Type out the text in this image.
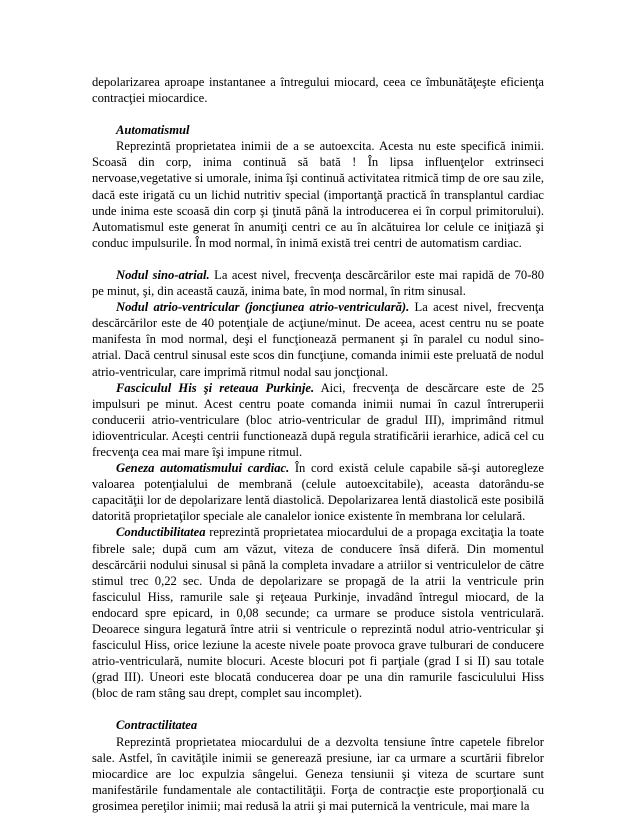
depolarizarea aproape instantanee a întregului miocard, ceea ce îmbunătăţeşte eficienţa contracţiei miocardice.

Automatismul

Reprezintă proprietatea inimii de a se autoexcita. Acesta nu este specifică inimii. Scoasă din corp, inima continuă să bată ! În lipsa influenţelor extrinseci nervoase,vegetative si umorale, inima îşi continuă activitatea ritmică timp de ore sau zile, dacă este irigată cu un lichid nutritiv special (importanţă practică în transplantul cardiac unde inima este scoasă din corp şi ţinută până la introducerea ei în corpul primitorului). Automatismul este generat în anumiţi centri ce au în alcătuirea lor celule ce iniţiază şi conduc impulsurile. În mod normal, în inimă există trei centri de automatism cardiac.

Nodul sino-atrial. La acest nivel, frecvenţa descărcărilor este mai rapidă de 70-80 pe minut, şi, din această cauză, inima bate, în mod normal, în ritm sinusal.

Nodul atrio-ventricular (joncţiunea atrio-ventriculară). La acest nivel, frecvenţa descărcărilor este de 40 potenţiale de acţiune/minut. De aceea, acest centru nu se poate manifesta în mod normal, deşi el funcţionează permanent şi în paralel cu nodul sino-atrial. Dacă centrul sinusal este scos din funcţiune, comanda inimii este preluată de nodul atrio-ventricular, care imprimă ritmul nodal sau joncţional.

Fasciculul His şi reteaua Purkinje. Aici, frecvenţa de descărcare este de 25 impulsuri pe minut. Acest centru poate comanda inimii numai în cazul întreruperii conducerii atrio-ventriculare (bloc atrio-ventricular de gradul III), imprimând ritmul idioventricular. Aceşti centrii functionează după regula stratificării ierarhice, adică cel cu frecvenţa cea mai mare îşi impune ritmul.

Geneza automatismului cardiac. În cord există celule capabile să-şi autoregleze valoarea potenţialului de membrană (celule autoexcitabile), aceasta datorându-se capacităţii lor de depolarizare lentă diastolică. Depolarizarea lentă diastolică este posibilă datorită proprietaţilor speciale ale canalelor ionice existente în membrana lor celulară.

Conductibilitatea reprezintă proprietatea miocardului de a propaga excitaţia la toate fibrele sale; după cum am văzut, viteza de conducere însă diferă. Din momentul descărcării nodului sinusal si până la completa invadare a atriilor si ventriculelor de către stimul trec 0,22 sec. Unda de depolarizare se propagă de la atrii la ventricule prin fasciculul Hiss, ramurile sale şi reţeaua Purkinje, invadând întregul miocard, de la endocard spre epicard, in 0,08 secunde; ca urmare se produce sistola ventriculară. Deoarece singura legatură între atrii si ventricule o reprezintă nodul atrio-ventricular şi fasciculul Hiss, orice leziune la aceste nivele poate provoca grave tulburari de conducere atrio-ventriculară, numite blocuri. Aceste blocuri pot fi parţiale (grad I si II) sau totale (grad III). Uneori este blocată conducerea doar pe una din ramurile fasciculului Hiss (bloc de ram stâng sau drept, complet sau incomplet).

Contractilitatea

Reprezintă proprietatea miocardului de a dezvolta tensiune între capetele fibrelor sale. Astfel, în cavităţile inimii se generează presiune, iar ca urmare a scurtării fibrelor miocardice are loc expulzia sângelui. Geneza tensiunii şi viteza de scurtare sunt manifestările fundamentale ale contactilităţii. Forţa de contracţie este proporţională cu grosimea pereţilor inimii; mai redusă la atrii şi mai puternică la ventricule, mai mare la
